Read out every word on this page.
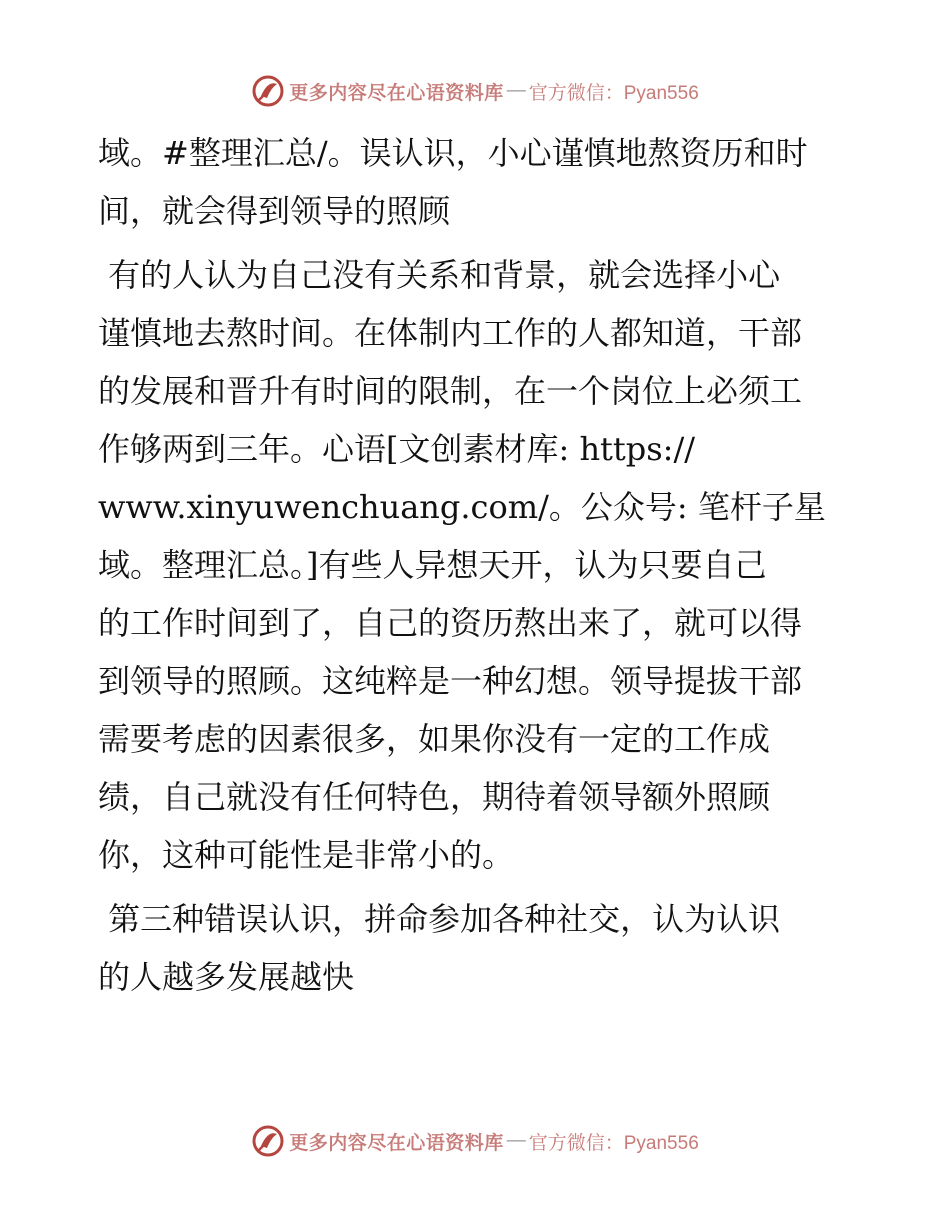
更多内容尽在心语资料库 — 官方微信：Pyan556

域。#整理汇总/。误认识，小心谨慎地熬资历和时
间，就会得到领导的照顾

有的人认为自己没有关系和背景，就会选择小心
谨慎地去熬时间。在体制内工作的人都知道，干部
的发展和晋升有时间的限制，在一个岗位上必须工
作够两到三年。心语[文创素材库: https://
www.xinyuwenchuang.com/。公众号: 笔杆子星
域。整理汇总。]有些人异想天开，认为只要自己
的工作时间到了，自己的资历熬出来了，就可以得
到领导的照顾。这纯粹是一种幻想。领导提拔干部
需要考虑的因素很多，如果你没有一定的工作成
绩，自己就没有任何特色，期待着领导额外照顾
你，这种可能性是非常小的。

第三种错误认识，拼命参加各种社交，认为认识
的人越多发展越快

更多内容尽在心语资料库 — 官方微信：Pyan556
